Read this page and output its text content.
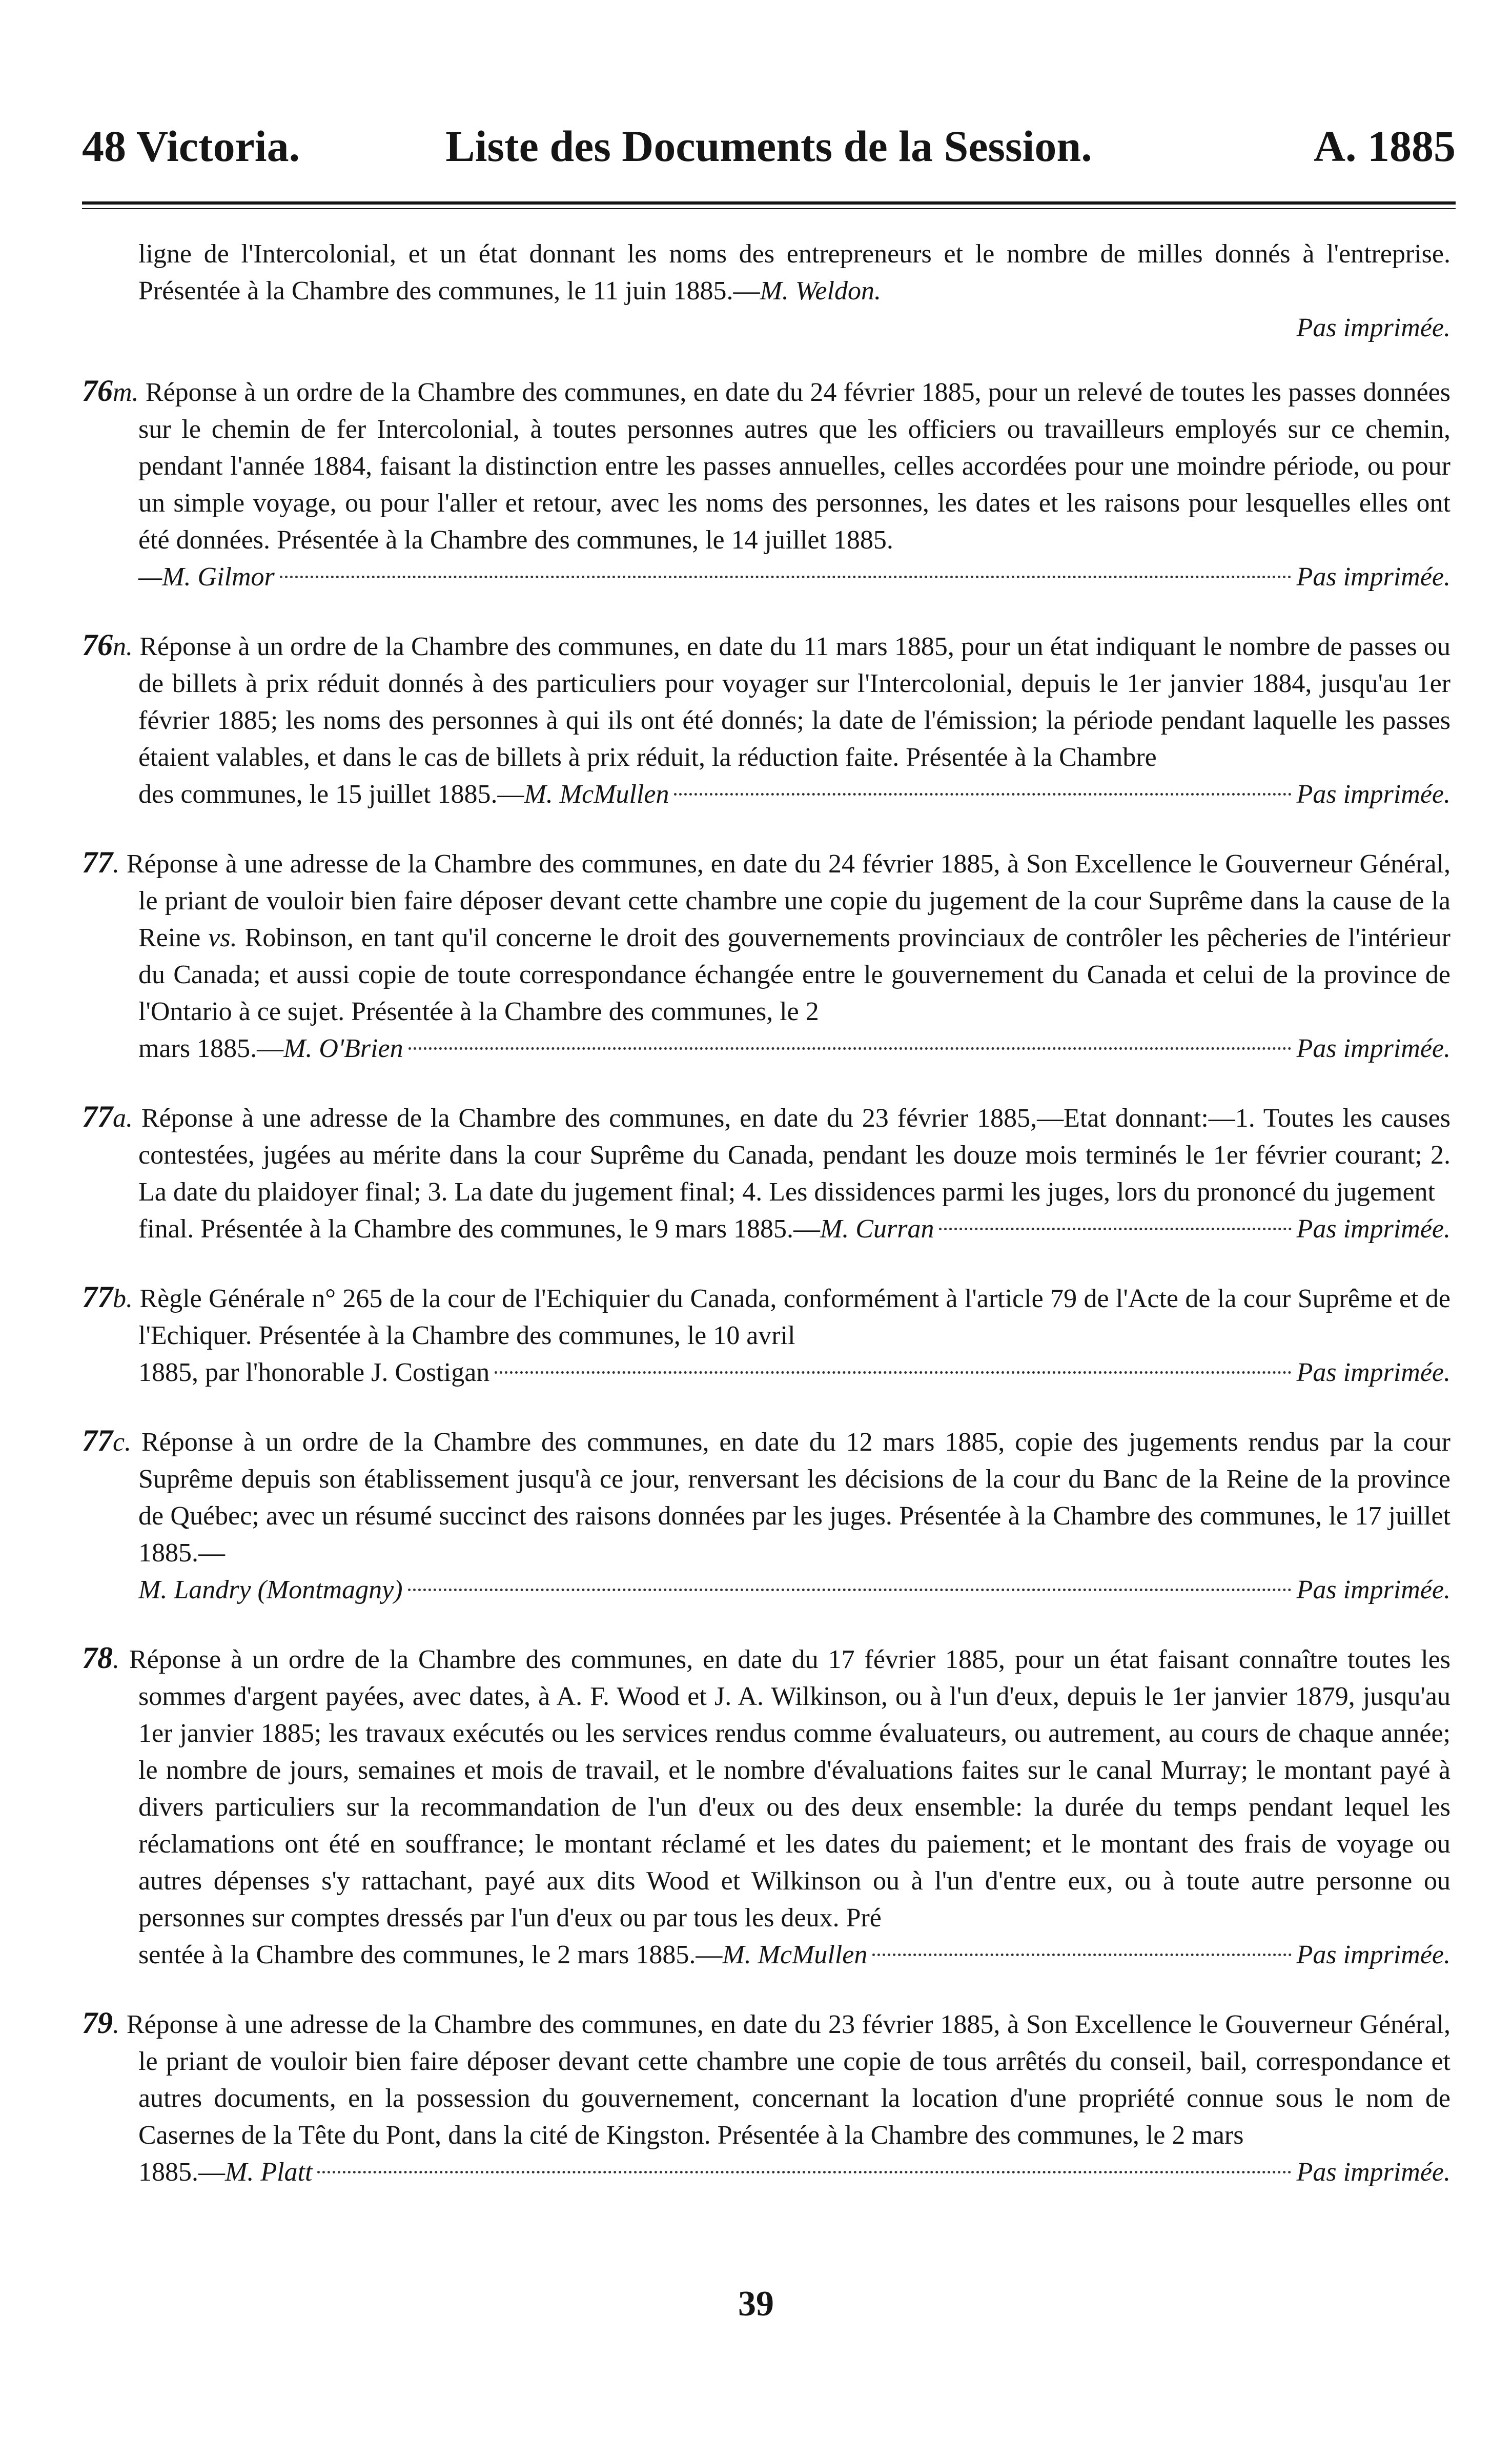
48 Victoria.	Liste des Documents de la Session.	A. 1885
ligne de l'Intercolonial, et un état donnant les noms des entrepreneurs et le nombre de milles donnés à l'entreprise. Présentée à la Chambre des communes, le 11 juin 1885.—M. Weldon.
Pas imprimée.
76m. Réponse à un ordre de la Chambre des communes, en date du 24 février 1885, pour un relevé de toutes les passes données sur le chemin de fer Intercolonial, à toutes personnes autres que les officiers ou travailleurs employés sur ce chemin, pendant l'année 1884, faisant la distinction entre les passes annuelles, celles accordées pour une moindre période, ou pour un simple voyage, ou pour l'aller et retour, avec les noms des personnes, les dates et les raisons pour lesquelles elles ont été données. Présentée à la Chambre des communes, le 14 juillet 1885.
—M. Gilmor	Pas imprimée.
76n. Réponse à un ordre de la Chambre des communes, en date du 11 mars 1885, pour un état indiquant le nombre de passes ou de billets à prix réduit donnés à des particuliers pour voyager sur l'Intercolonial, depuis le 1er janvier 1884, jusqu'au 1er février 1885; les noms des personnes à qui ils ont été donnés; la date de l'émission; la période pendant laquelle les passes étaient valables, et dans le cas de billets à prix réduit, la réduction faite. Présentée à la Chambre
des communes, le 15 juillet 1885.—M. McMullen	Pas imprimée.
77. Réponse à une adresse de la Chambre des communes, en date du 24 février 1885, à Son Excellence le Gouverneur Général, le priant de vouloir bien faire déposer devant cette chambre une copie du jugement de la cour Suprême dans la cause de la Reine vs. Robinson, en tant qu'il concerne le droit des gouvernements provinciaux de contrôler les pêcheries de l'intérieur du Canada; et aussi copie de toute correspondance échangée entre le gouvernement du Canada et celui de la province de l'Ontario à ce sujet. Présentée à la Chambre des communes, le 2
mars 1885.—M. O'Brien	Pas imprimée.
77a. Réponse à une adresse de la Chambre des communes, en date du 23 février 1885,—Etat donnant:—1. Toutes les causes contestées, jugées au mérite dans la cour Suprême du Canada, pendant les douze mois terminés le 1er février courant; 2. La date du plaidoyer final; 3. La date du jugement final; 4. Les dissidences parmi les juges, lors du prononcé du jugement
final. Présentée à la Chambre des communes, le 9 mars 1885.—M. Curran	Pas imprimée.
77b. Règle Générale n° 265 de la cour de l'Echiquier du Canada, conformément à l'article 79 de l'Acte de la cour Suprême et de l'Echiquer. Présentée à la Chambre des communes, le 10 avril
1885, par l'honorable J. Costigan	Pas imprimée.
77c. Réponse à un ordre de la Chambre des communes, en date du 12 mars 1885, copie des jugements rendus par la cour Suprême depuis son établissement jusqu'à ce jour, renversant les décisions de la cour du Banc de la Reine de la province de Québec; avec un résumé succinct des raisons données par les juges. Présentée à la Chambre des communes, le 17 juillet 1885.—
M. Landry (Montmagny)	Pas imprimée.
78. Réponse à un ordre de la Chambre des communes, en date du 17 février 1885, pour un état faisant connaître toutes les sommes d'argent payées, avec dates, à A. F. Wood et J. A. Wilkinson, ou à l'un d'eux, depuis le 1er janvier 1879, jusqu'au 1er janvier 1885; les travaux exécutés ou les services rendus comme évaluateurs, ou autrement, au cours de chaque année; le nombre de jours, semaines et mois de travail, et le nombre d'évaluations faites sur le canal Murray; le montant payé à divers particuliers sur la recommandation de l'un d'eux ou des deux ensemble: la durée du temps pendant lequel les réclamations ont été en souffrance; le montant réclamé et les dates du paiement; et le montant des frais de voyage ou autres dépenses s'y rattachant, payé aux dits Wood et Wilkinson ou à l'un d'entre eux, ou à toute autre personne ou personnes sur comptes dressés par l'un d'eux ou par tous les deux. Pré
sentée à la Chambre des communes, le 2 mars 1885.—M. McMullen	Pas imprimée.
79. Réponse à une adresse de la Chambre des communes, en date du 23 février 1885, à Son Excellence le Gouverneur Général, le priant de vouloir bien faire déposer devant cette chambre une copie de tous arrêtés du conseil, bail, correspondance et autres documents, en la possession du gouvernement, concernant la location d'une propriété connue sous le nom de Casernes de la Tête du Pont, dans la cité de Kingston. Présentée à la Chambre des communes, le 2 mars
1885.—M. Platt	Pas imprimée.
39
